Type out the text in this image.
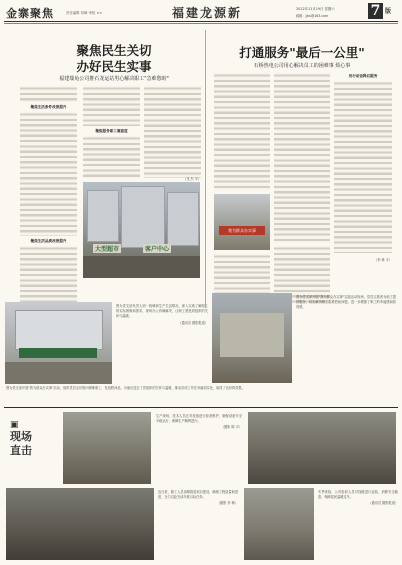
金寨聚焦	责任编辑 易峰 审校 ××	福建龙源新	2022年11月19日 星期六
邮箱：jjbs@163.com	7 版
聚焦民生关切
办好民生实事
福建瑞龟公司推石龙运站男心解决职工"急难愁盼"
聚焦生活条件改善提升
聚焦生活品质改善提升
聚焦服务职工满意度
（龙 杰 平）
大型超市	客户中心
打通服务"最后一公里"
石桥热电公司用心解决员工的困难事 烦心事
用行动诠释后服务
（李 林 平）
我为群众办实事
图为党支部负责人到一线调研生产生活情况，深入实地了解职工的实际困难和需求，现场办公协调解决，让职工感受到组织的关怀与温暖。
（通讯员 摄影报道）
图为党支部开展"我为群众办实事"实践活动现场，党员志愿者为职工提供服务，切实解决职工急难愁盼问题，进一步增强了职工的幸福感和获得感。
图为党支部开展"我为群众办实事"活动，组织党员走访慰问困难职工，发放慰问品，为他们送去了党组织的关怀与温暖，推动各项工作任务落到实处，取得了良好的效果。
▣
现场
直击
生产现场，技术人员正对设备进行检查维护，确保设备安全平稳运行，保障生产顺利进行。
（摄影 陈 平）
连日来，施工人员加紧推进项目建设，确保工程质量和进度，全力以赴完成年度目标任务。
（摄影 李 林）
冬季来临，公司组织人员对线路进行巡检，消除安全隐患，保障居民温暖过冬。
（通讯员 摄影报道）
